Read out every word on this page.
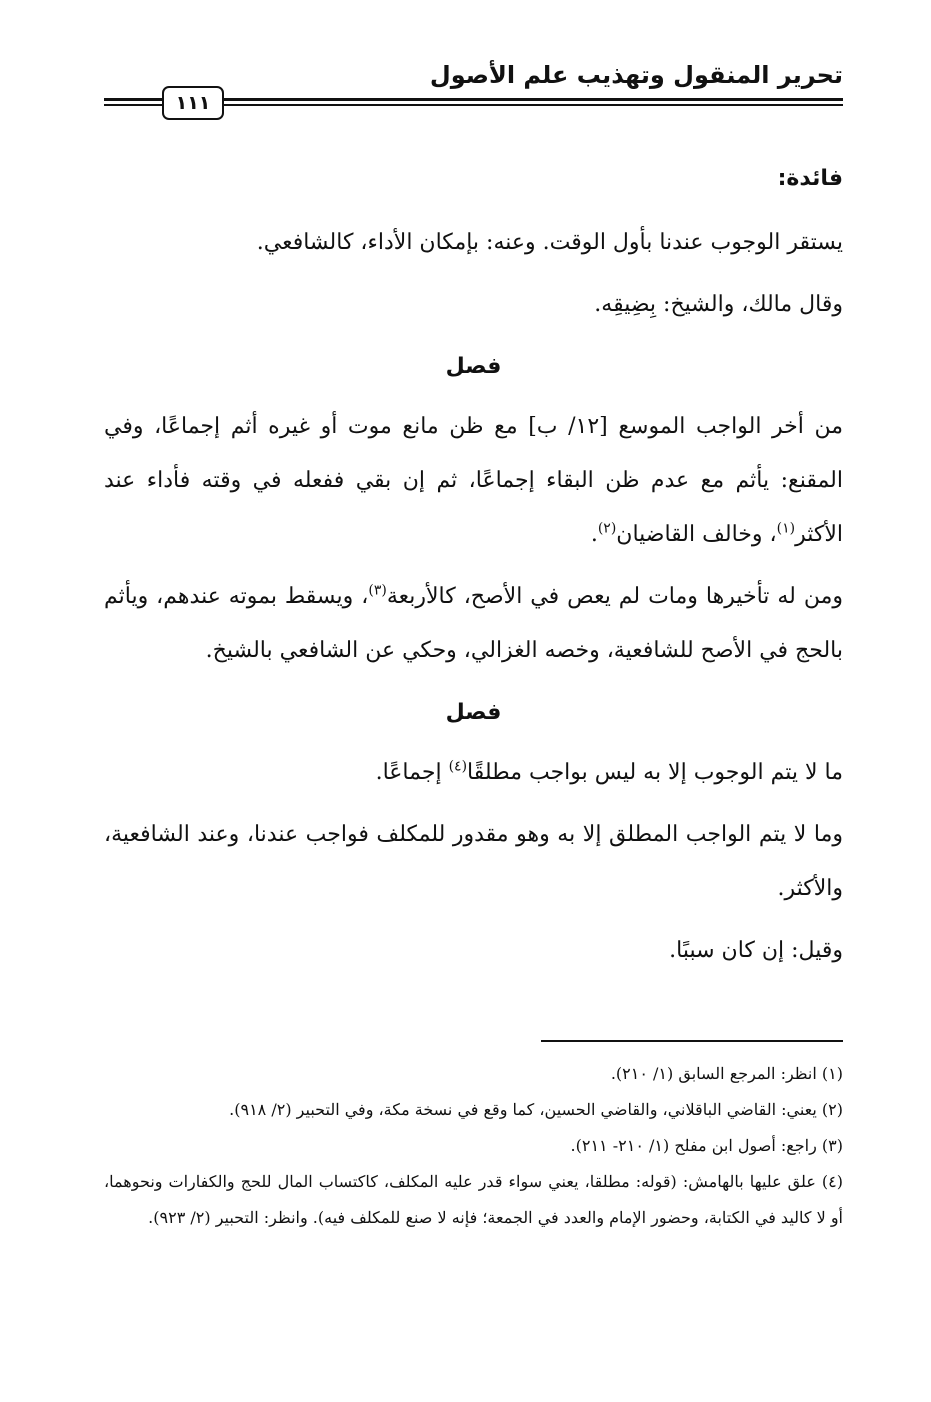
تحرير المنقول وتهذيب علم الأصول
١١١
فائدة:

يستقر الوجوب عندنا بأول الوقت. وعنه: بإمكان الأداء، كالشافعي.

وقال مالك، والشيخ: بِضِيقِه.

فصل

من أخر الواجب الموسع [١٢/ ب] مع ظن مانع موت أو غيره أثم إجماعًا، وفي المقنع: يأثم مع عدم ظن البقاء إجماعًا، ثم إن بقي ففعله في وقته فأداء عند الأكثر$^{(١)}$، وخالف القاضيان$^{(٢)}$.

ومن له تأخيرها ومات لم يعص في الأصح، كالأربعة$^{(٣)}$، ويسقط بموته عندهم، ويأثم بالحج في الأصح للشافعية، وخصه الغزالي، وحكي عن الشافعي بالشيخ.

فصل

ما لا يتم الوجوب إلا به ليس بواجب مطلقًا$^{(٤)}$ إجماعًا.

وما لا يتم الواجب المطلق إلا به وهو مقدور للمكلف فواجب عندنا، وعند الشافعية، والأكثر.

وقيل: إن كان سببًا.

(١) انظر: المرجع السابق (١/ ٢١٠).

(٢) يعني: القاضي الباقلاني، والقاضي الحسين، كما وقع في نسخة مكة، وفي التحبير (٢/ ٩١٨).

(٣) راجع: أصول ابن مفلح (١/ ٢١٠- ٢١١).

(٤) علق عليها بالهامش: (قوله: مطلقا، يعني سواء قدر عليه المكلف، كاكتساب المال للحج والكفارات ونحوهما، أو لا كاليد في الكتابة، وحضور الإمام والعدد في الجمعة؛ فإنه لا صنع للمكلف فيه). وانظر: التحبير (٢/ ٩٢٣).
